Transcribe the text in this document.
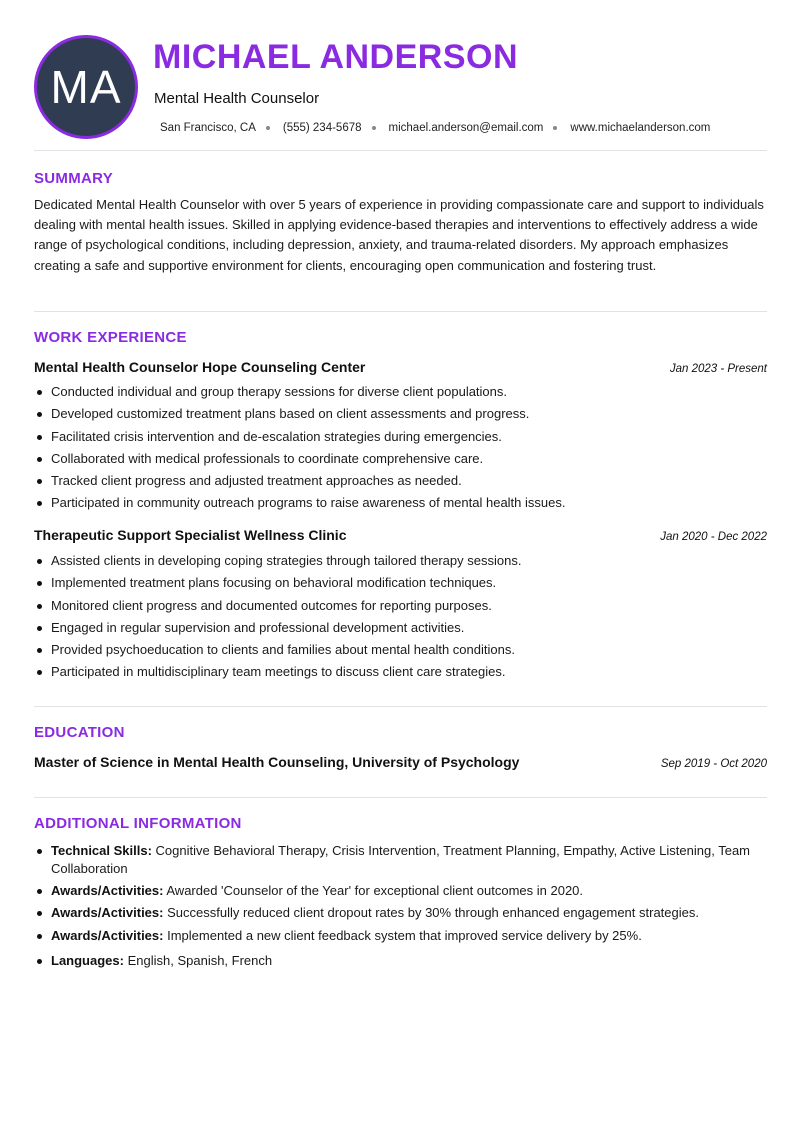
MA
MICHAEL ANDERSON
Mental Health Counselor
San Francisco, CA (555) 234-5678 michael.anderson@email.com www.michaelanderson.com
SUMMARY

Dedicated Mental Health Counselor with over 5 years of experience in providing compassionate care and support to individuals dealing with mental health issues. Skilled in applying evidence-based therapies and interventions to effectively address a wide range of psychological conditions, including depression, anxiety, and trauma-related disorders. My approach emphasizes creating a safe and supportive environment for clients, encouraging open communication and fostering trust.

WORK EXPERIENCE
Mental Health Counselor Hope Counseling Center	Jan 2023 - Present
Conducted individual and group therapy sessions for diverse client populations.
Developed customized treatment plans based on client assessments and progress.
Facilitated crisis intervention and de-escalation strategies during emergencies.
Collaborated with medical professionals to coordinate comprehensive care.
Tracked client progress and adjusted treatment approaches as needed.
Participated in community outreach programs to raise awareness of mental health issues.
Therapeutic Support Specialist Wellness Clinic	Jan 2020 - Dec 2022
Assisted clients in developing coping strategies through tailored therapy sessions.
Implemented treatment plans focusing on behavioral modification techniques.
Monitored client progress and documented outcomes for reporting purposes.
Engaged in regular supervision and professional development activities.
Provided psychoeducation to clients and families about mental health conditions.
Participated in multidisciplinary team meetings to discuss client care strategies.
EDUCATION
Master of Science in Mental Health Counseling, University of Psychology	Sep 2019 - Oct 2020
ADDITIONAL INFORMATION
Technical Skills: Cognitive Behavioral Therapy, Crisis Intervention, Treatment Planning, Empathy, Active Listening, Team Collaboration
Awards/Activities: Awarded 'Counselor of the Year' for exceptional client outcomes in 2020.
Awards/Activities: Successfully reduced client dropout rates by 30% through enhanced engagement strategies.
Awards/Activities: Implemented a new client feedback system that improved service delivery by 25%.
Languages: English, Spanish, French
